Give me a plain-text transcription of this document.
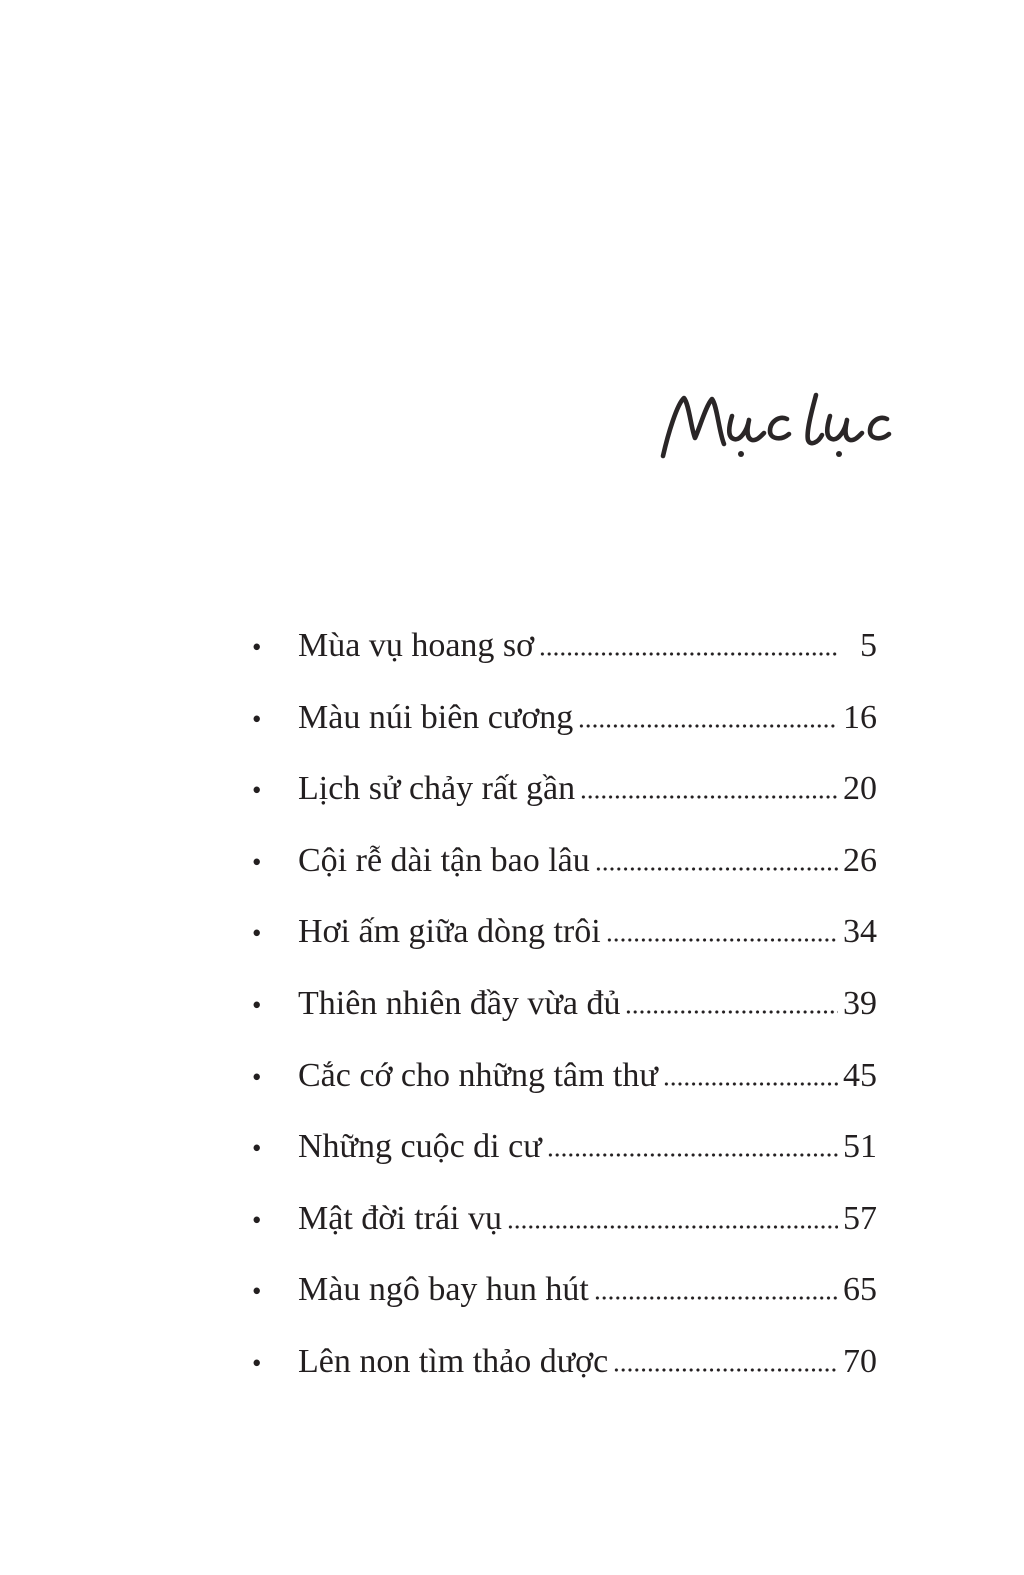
•	Mùa vụ hoang sơ	5
•	Màu núi biên cương	16
•	Lịch sử chảy rất gần	20
•	Cội rễ dài tận bao lâu	26
•	Hơi ấm giữa dòng trôi	34
•	Thiên nhiên đầy vừa đủ	39
•	Cắc cớ cho những tâm thư	45
•	Những cuộc di cư	51
•	Mật đời trái vụ	57
•	Màu ngô bay hun hút	65
•	Lên non tìm thảo dược	70
